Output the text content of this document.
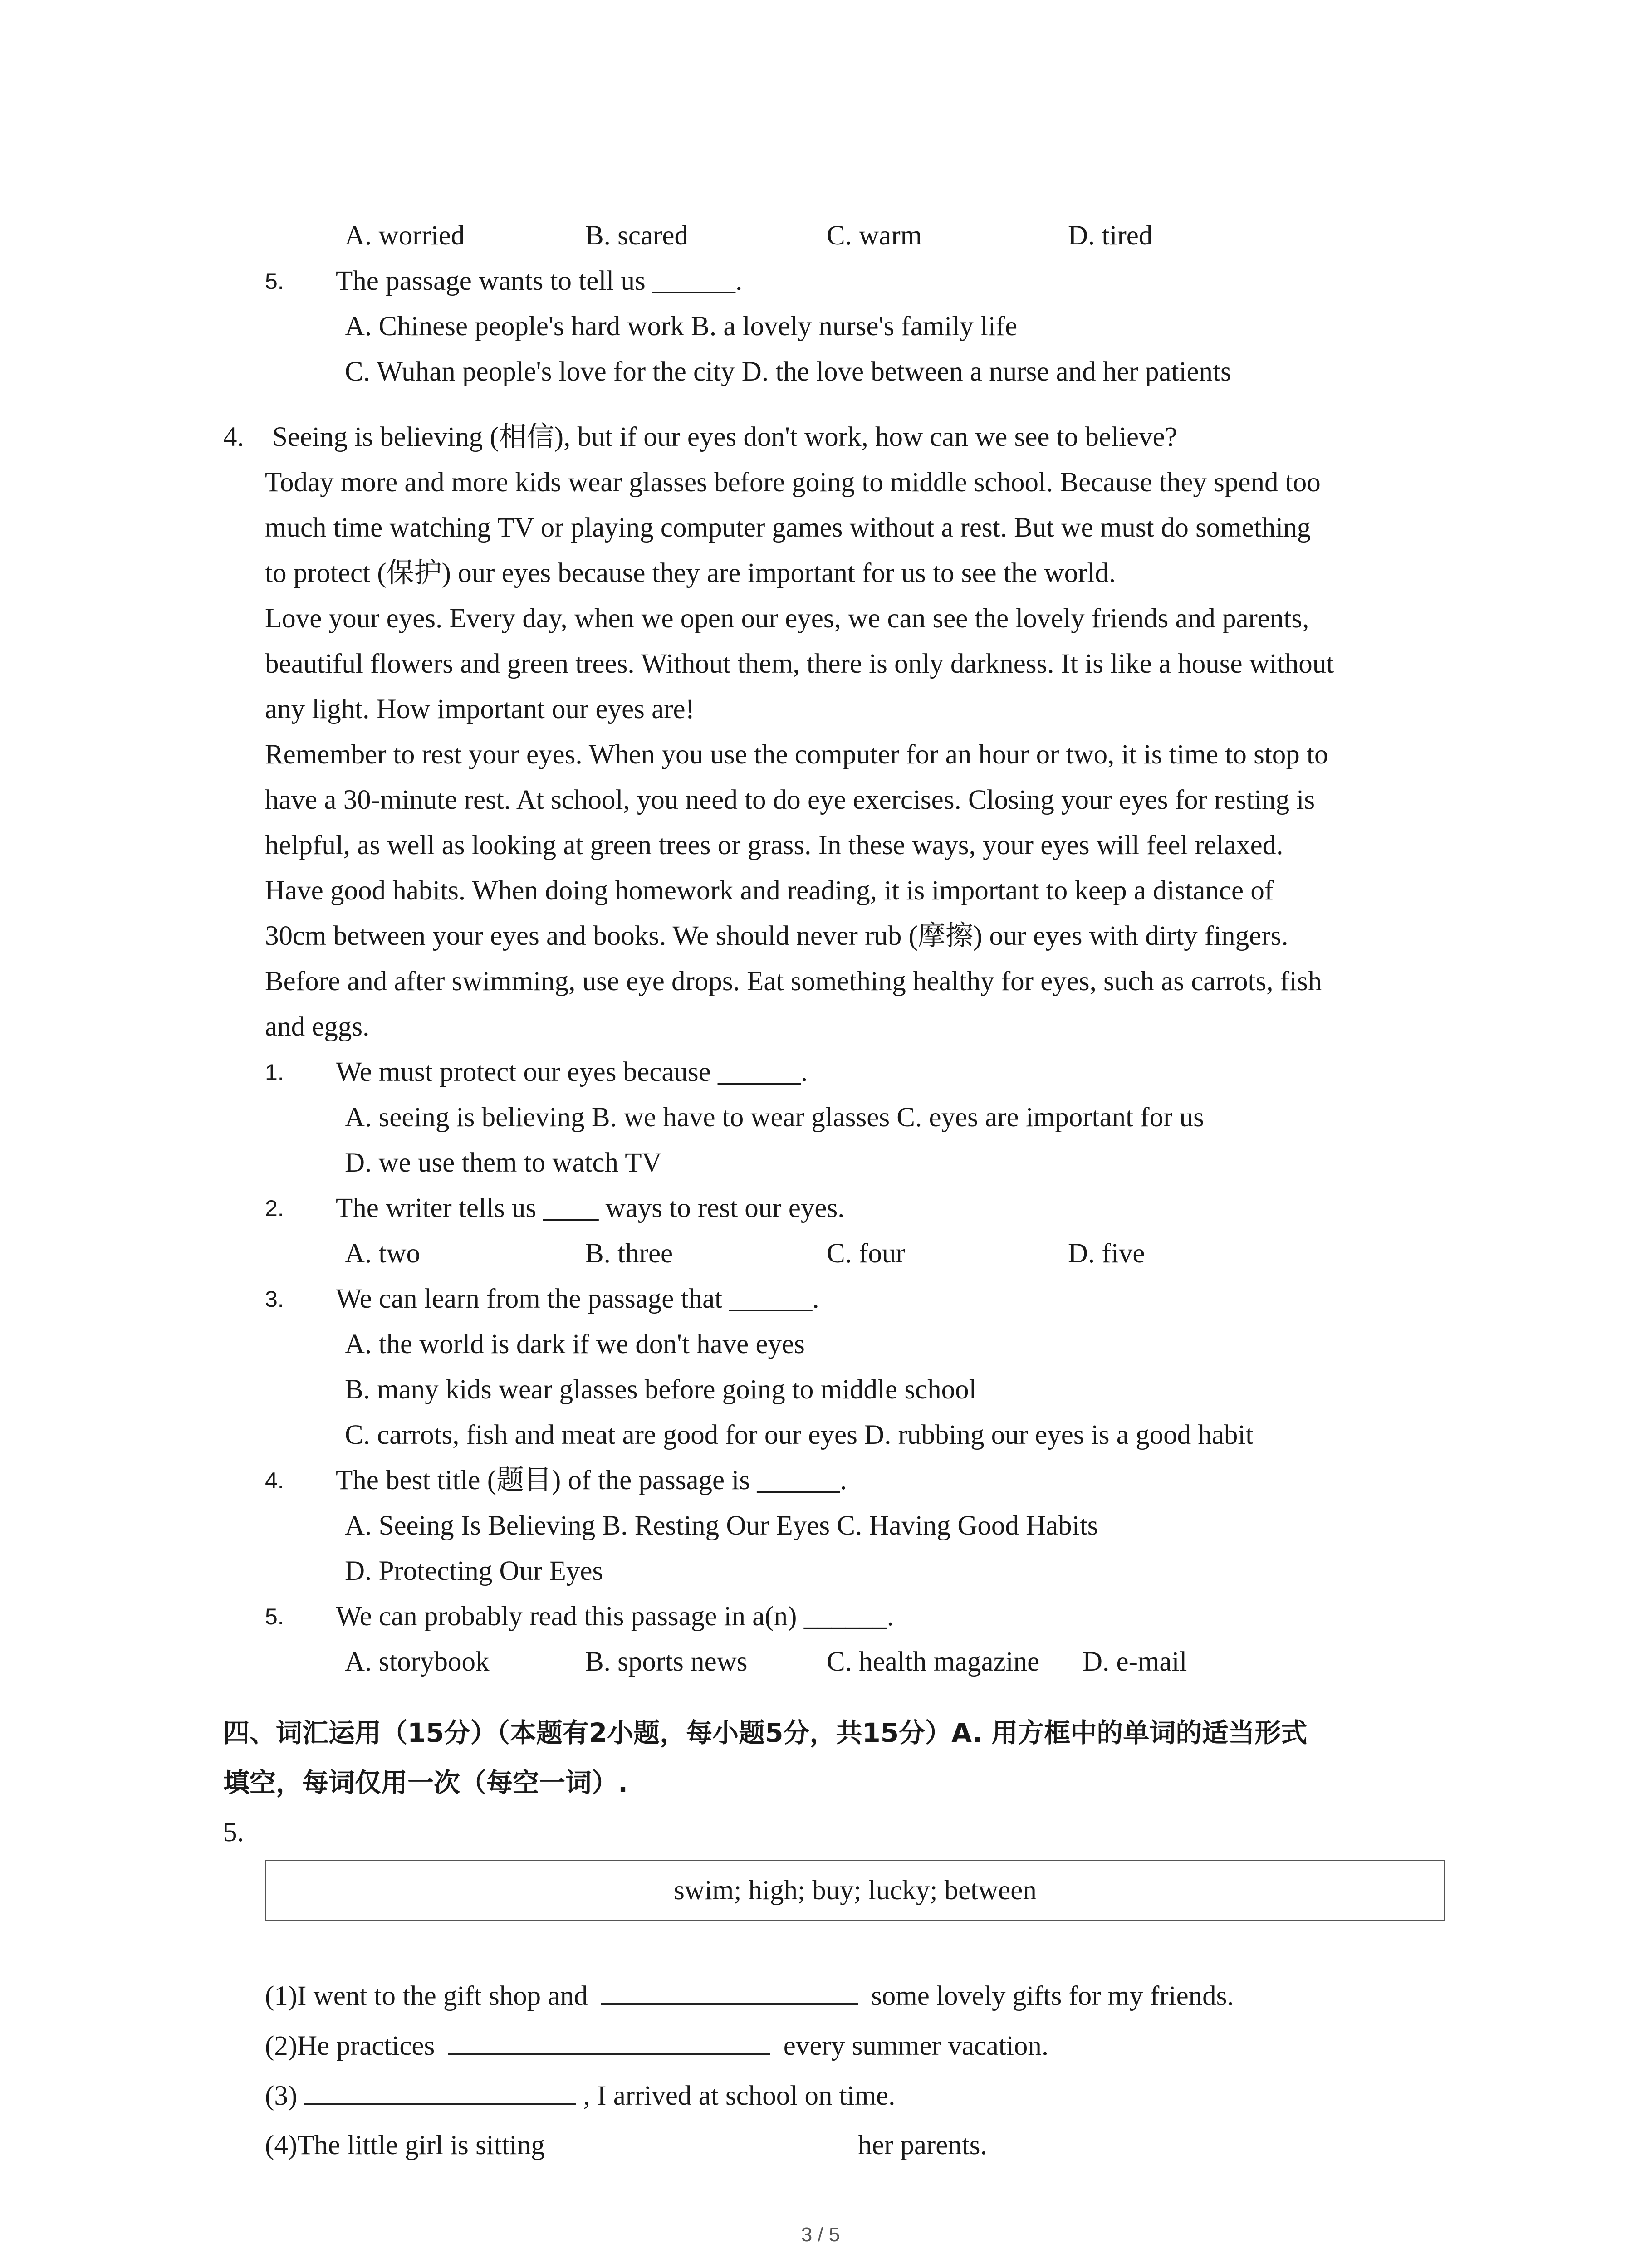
A. worried	B. scared	C. warm	D. tired
5. The passage wants to tell us ______.
A. Chinese people's hard work B. a lovely nurse's family life
C. Wuhan people's love for the city D. the love between a nurse and her patients
4. Seeing is believing (相信), but if our eyes don't work, how can we see to believe?
Today more and more kids wear glasses before going to middle school. Because they spend too
much time watching TV or playing computer games without a rest. But we must do something
to protect (保护) our eyes because they are important for us to see the world.
Love your eyes. Every day, when we open our eyes, we can see the lovely friends and parents,
beautiful flowers and green trees. Without them, there is only darkness. It is like a house without
any light. How important our eyes are!
Remember to rest your eyes. When you use the computer for an hour or two, it is time to stop to
have a 30-minute rest. At school, you need to do eye exercises. Closing your eyes for resting is
helpful, as well as looking at green trees or grass. In these ways, your eyes will feel relaxed.
Have good habits. When doing homework and reading, it is important to keep a distance of
30cm between your eyes and books. We should never rub (摩擦) our eyes with dirty fingers.
Before and after swimming, use eye drops. Eat something healthy for eyes, such as carrots, fish
and eggs.
1. We must protect our eyes because ______.
A. seeing is believing B. we have to wear glasses C. eyes are important for us
D. we use them to watch TV
2. The writer tells us ____ ways to rest our eyes.
A. two	B. three	C. four	D. five
3. We can learn from the passage that ______.
A. the world is dark if we don't have eyes
B. many kids wear glasses before going to middle school
C. carrots, fish and meat are good for our eyes D. rubbing our eyes is a good habit
4. The best title (题目) of the passage is ______.
A. Seeing Is Believing B. Resting Our Eyes C. Having Good Habits
D. Protecting Our Eyes
5. We can probably read this passage in a(n) ______.
A. storybook	B. sports news	C. health magazine D. e-mail
四、词汇运用（15分）（本题有2小题，每小题5分，共15分）A. 用方框中的单词的适当形式
填空，每词仅用一次（每空一词）.
5.
swim; high; buy; lucky; between
(1)I went to the gift shop and	some lovely gifts for my friends.
(2)He practices	every summer vacation.
(3)	, I arrived at school on time.
(4)The little girl is sitting	her parents.
3 / 5
